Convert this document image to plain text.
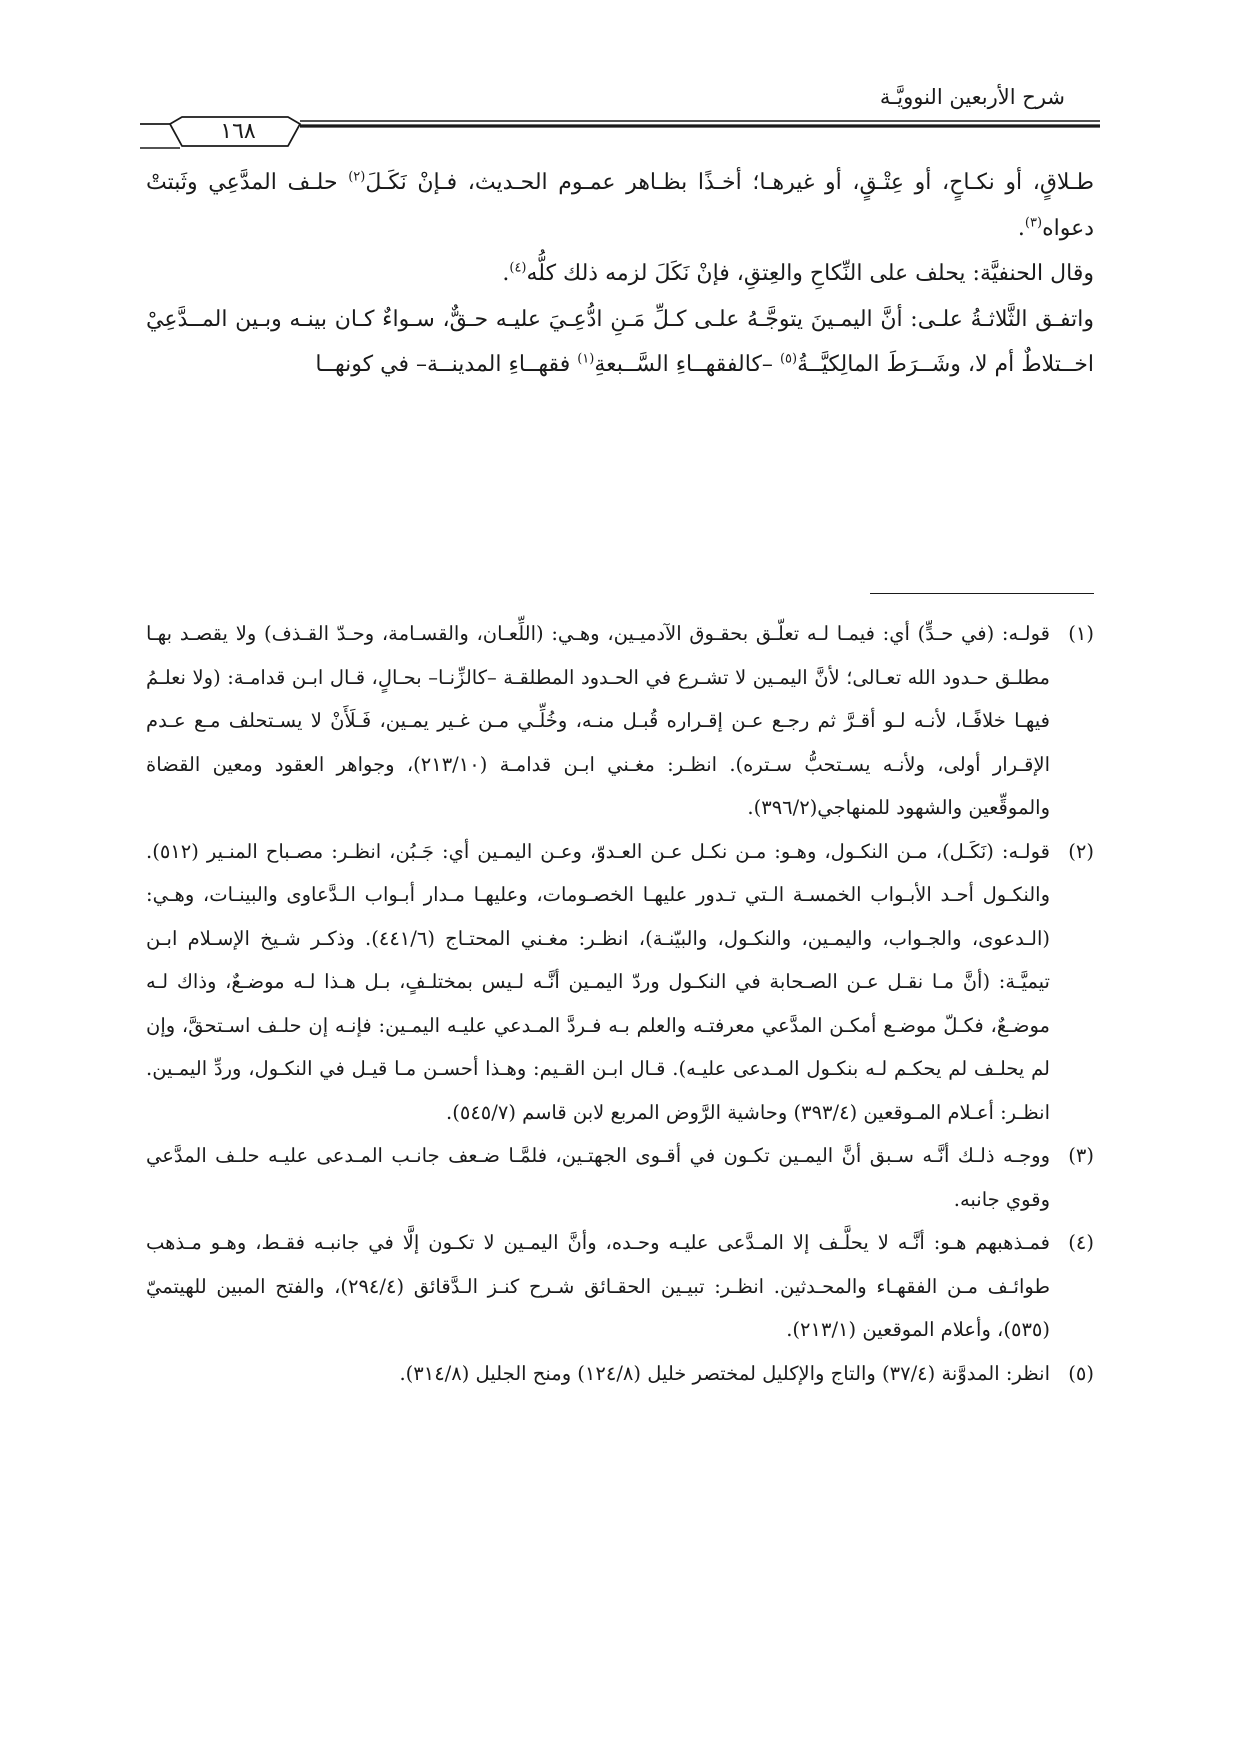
شرح الأربعين النوويَّـة
١٦٨

طـلاقٍ، أو نكـاحٍ، أو عِتْـقٍ، أو غيرهـا؛ أخـذًا بظـاهر عمـوم الحـديث، فـإنْ نَكَـلَ$^{(٢)}$ حلـف المدَّعِي وثَبتتْ دعواه$^{(٣)}$.

وقال الحنفيَّة: يحلف على النِّكاحِ والعِتقِ، فإنْ نَكَلَ لزمه ذلك كلُّه$^{(٤)}$.

واتفـق الثَّلاثـةُ علـى: أنَّ اليمـينَ يتوجَّـهُ علـى كـلِّ مَـنِ ادُّعِـيَ عليـه حـقٌّ، سـواءٌ كـان بينـه وبـين المــدَّعِيْ اخــتلاطٌ أم لا، وشَــرَطَ المالِكيَّــةُ$^{(٥)}$ –كالفقهــاءِ السَّــبعةِ$^{(١)}$ فقهــاءِ المدينــة– في كونهــا

(١)
قولـه: (في حـدٍّ) أي: فيمـا لـه تعلّـق بحقـوق الآدميـين، وهـي: (اللِّعـان، والقسـامة، وحـدّ القـذف) ولا يقصـد بهـا مطلـق حـدود الله تعـالى؛ لأنَّ اليمـين لا تشـرع في الحـدود المطلقـة –كالزِّنـا– بحـالٍ، قـال ابـن قدامـة: (ولا نعلـمُ فيهـا خلافًـا، لأنـه لـو أقـرَّ ثم رجـع عـن إقـراره قُبـل منـه، وخُلِّـي مـن غـير يمـين، فَـلَأَنْ لا يسـتحلف مـع عـدم الإقـرار أولى، ولأنـه يسـتحبُّ سـتره). انظـر: مغـني ابـن قدامـة (٢١٣/١٠)، وجواهر العقود ومعين القضاة والموقِّعين والشهود للمنهاجي(٣٩٦/٢).
(٢)
قولـه: (نَكَـل)، مـن النكـول، وهـو: مـن نكـل عـن العـدوّ، وعـن اليمـين أي: جَـبُن، انظـر: مصـباح المنـير (٥١٢). والنكـول أحـد الأبـواب الخمسـة الـتي تـدور عليهـا الخصـومات، وعليهـا مـدار أبـواب الـدَّعاوى والبينـات، وهـي: (الـدعوى، والجـواب، واليمـين، والنكـول، والبيّنـة)، انظـر: مغـني المحتـاج (٤٤١/٦). وذكـر شـيخ الإسـلام ابـن تيميَّـة: (أنَّ مـا نقـل عـن الصـحابة في النكـول وردّ اليمـين أنَّـه لـيس بمختلـفٍ، بـل هـذا لـه موضـعٌ، وذاك لـه موضـعٌ، فكـلّ موضـع أمكـن المدَّعي معرفتـه والعلم بـه فـردَّ المـدعي عليـه اليمـين: فإنـه إن حلـف اسـتحقَّ، وإن لم يحلـف لم يحكـم لـه بنكـول المـدعى عليـه). قـال ابـن القـيم: وهـذا أحسـن مـا قيـل في النكـول، وردِّ اليمـين. انظـر: أعـلام المـوقعين (٣٩٣/٤) وحاشية الرَّوض المربع لابن قاسم (٥٤٥/٧).
(٣)
ووجـه ذلـك أنَّـه سـبق أنَّ اليمـين تكـون في أقـوى الجهتـين، فلمَّـا ضـعف جانـب المـدعى عليـه حلـف المدَّعي وقوي جانبه.
(٤)
فمـذهبهم هـو: أنَّـه لا يحلَّـف إلا المـدَّعى عليـه وحـده، وأنَّ اليمـين لا تكـون إلَّا في جانبـه فقـط، وهـو مـذهب طوائـف مـن الفقهـاء والمحـدثين. انظـر: تبيـين الحقـائق شـرح كنـز الـدَّقائق (٢٩٤/٤)، والفتح المبين للهيتميّ (٥٣٥)، وأعلام الموقعين (٢١٣/١).
(٥)
انظر: المدوَّنة (٣٧/٤) والتاج والإكليل لمختصر خليل (١٢٤/٨) ومنح الجليل (٣١٤/٨).
